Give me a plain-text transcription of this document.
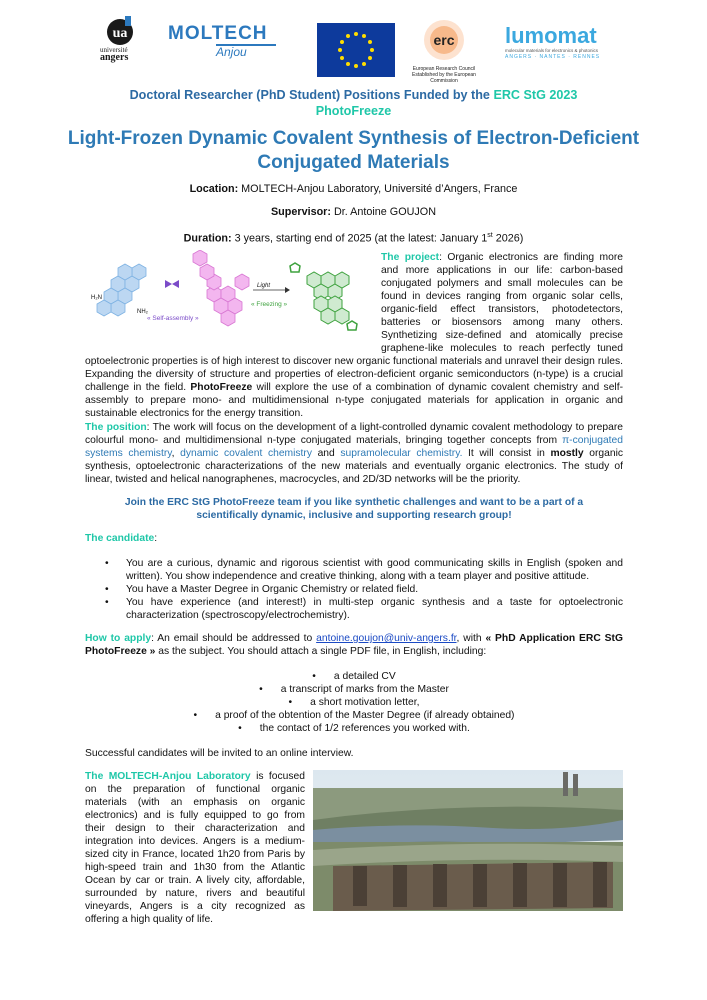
ua
université
angers
MOLTECH
Anjou
erc
European Research Council
Established by the European Commission
lumomat
molecular materials for electronics & photonics
ANGERS · NANTES · RENNES
Doctoral Researcher (PhD Student) Positions Funded by the ERC StG 2023
PhotoFreeze
Light-Frozen Dynamic Covalent Synthesis of Electron-Deficient Conjugated Materials
Location: MOLTECH-Anjou Laboratory, Université d’Angers, France
Supervisor: Dr. Antoine GOUJON
Duration: 3 years, starting end of 2025 (at the latest: January 1st 2026)
H₂N
NH₂
« Self-assembly »
Light
« Freezing »

The project: Organic electronics are finding more and more applications in our life: carbon-based conjugated polymers and small molecules can be found in devices ranging from organic solar cells, organic-field effect transistors, photodetectors, batteries or biosensors among many others. Synthetizing size-defined and atomically precise graphene-like molecules to reach perfectly tuned optoelectronic properties is of high interest to discover new organic functional materials and unravel their design rules. Expanding the diversity of structure and properties of electron-deficient organic semiconductors (n-type) is a crucial challenge in the field. PhotoFreeze will explore the use of a combination of dynamic covalent chemistry and self-assembly to prepare mono- and multidimensional n-type conjugated materials for application in organic and sustainable electronics for the energy transition.

The position: The work will focus on the development of a light-controlled dynamic covalent methodology to prepare colourful mono- and multidimensional n-type conjugated materials, bringing together concepts from π-conjugated systems chemistry, dynamic covalent chemistry and supramolecular chemistry. It will consist in mostly organic synthesis, optoelectronic characterizations of the new materials and eventually organic electronics. The study of linear, twisted and helical nanographenes, macrocycles, and 2D/3D networks will be the priority.

Join the ERC StG PhotoFreeze team if you like synthetic challenges and want to be a part of a scientifically dynamic, inclusive and supporting research group!

The candidate:

• You are a curious, dynamic and rigorous scientist with good communicating skills in English (spoken and written). You show independence and creative thinking, along with a team player and positive attitude.
• You have a Master Degree in Organic Chemistry or related field.
• You have experience (and interest!) in multi-step organic synthesis and a taste for optoelectronic characterization (spectroscopy/electrochemistry).

How to apply: An email should be addressed to antoine.goujon@univ-angers.fr, with « PhD Application ERC StG PhotoFreeze » as the subject. You should attach a single PDF file, in English, including:

• a detailed CV
• a transcript of marks from the Master
• a short motivation letter,
• a proof of the obtention of the Master Degree (if already obtained)
• the contact of 1/2 references you worked with.
Successful candidates will be invited to an online interview.

The MOLTECH-Anjou Laboratory is focused on the preparation of functional organic materials (with an emphasis on organic electronics) and is fully equipped to go from their design to their characterization and integration into devices. Angers is a medium-sized city in France, located 1h20 from Paris by high-speed train and 1h30 from the Atlantic Ocean by car or train. A lively city, affordable, surrounded by nature, rivers and beautiful vineyards, Angers is a city recognized as offering a high quality of life.
